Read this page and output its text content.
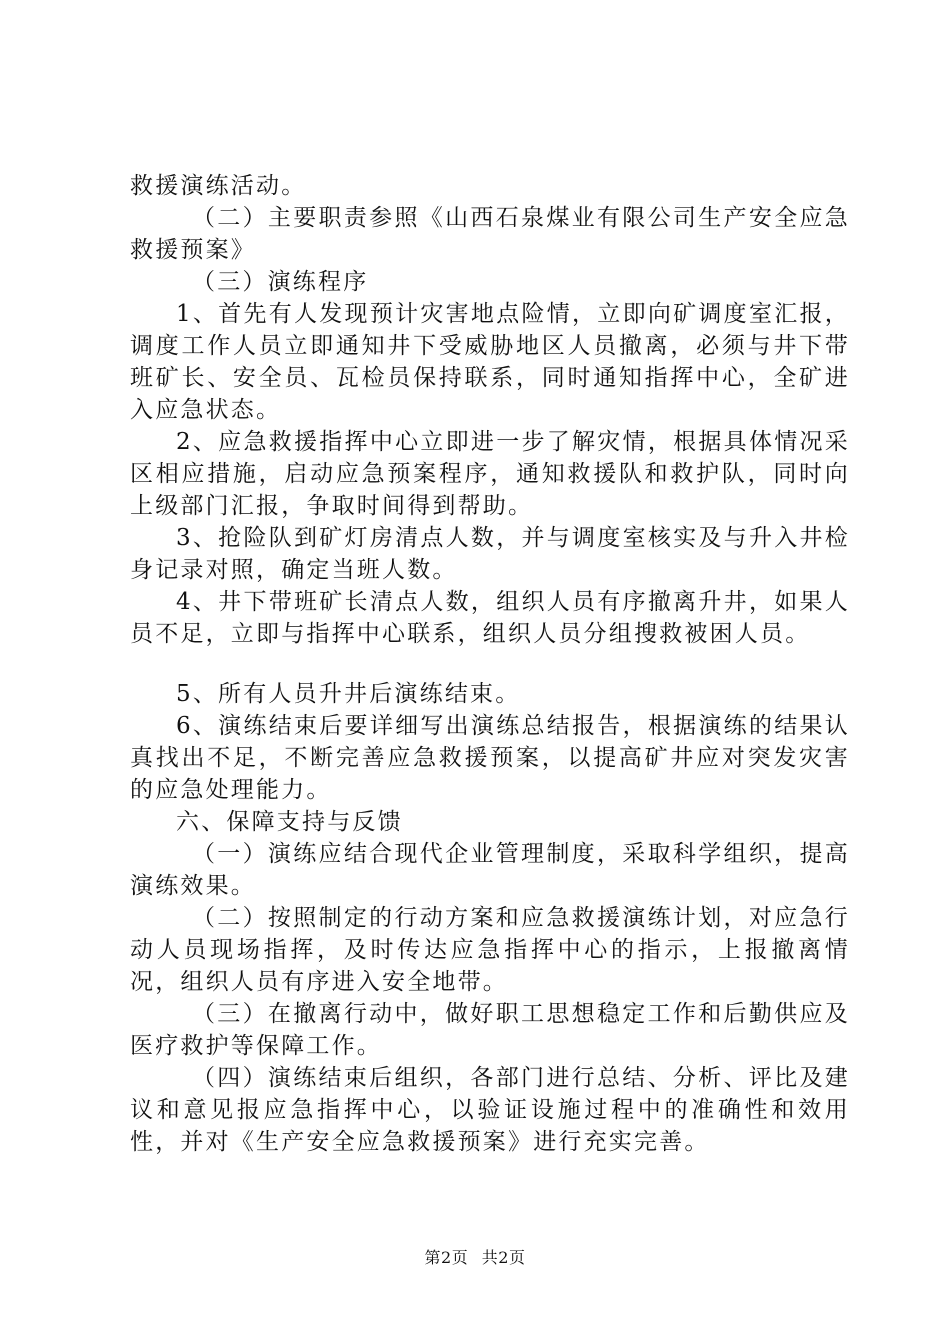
救援演练活动。

（二）主要职责参照《山西石泉煤业有限公司生产安全应急救援预案》

（三）演练程序

1、首先有人发现预计灾害地点险情，立即向矿调度室汇报，调度工作人员立即通知井下受威胁地区人员撤离，必须与井下带班矿长、安全员、瓦检员保持联系，同时通知指挥中心，全矿进入应急状态。

2、应急救援指挥中心立即进一步了解灾情，根据具体情况采区相应措施，启动应急预案程序，通知救援队和救护队，同时向上级部门汇报，争取时间得到帮助。

3、抢险队到矿灯房清点人数，并与调度室核实及与升入井检身记录对照，确定当班人数。

4、井下带班矿长清点人数，组织人员有序撤离升井，如果人员不足，立即与指挥中心联系，组织人员分组搜救被困人员。

5、所有人员升井后演练结束。

6、演练结束后要详细写出演练总结报告，根据演练的结果认真找出不足，不断完善应急救援预案，以提高矿井应对突发灾害的应急处理能力。

六、保障支持与反馈

（一）演练应结合现代企业管理制度，采取科学组织，提高演练效果。

（二）按照制定的行动方案和应急救援演练计划，对应急行动人员现场指挥，及时传达应急指挥中心的指示，上报撤离情况，组织人员有序进入安全地带。

（三）在撤离行动中，做好职工思想稳定工作和后勤供应及医疗救护等保障工作。

（四）演练结束后组织，各部门进行总结、分析、评比及建议和意见报应急指挥中心，以验证设施过程中的准确性和效用性，并对《生产安全应急救援预案》进行充实完善。

第2页 共2页
